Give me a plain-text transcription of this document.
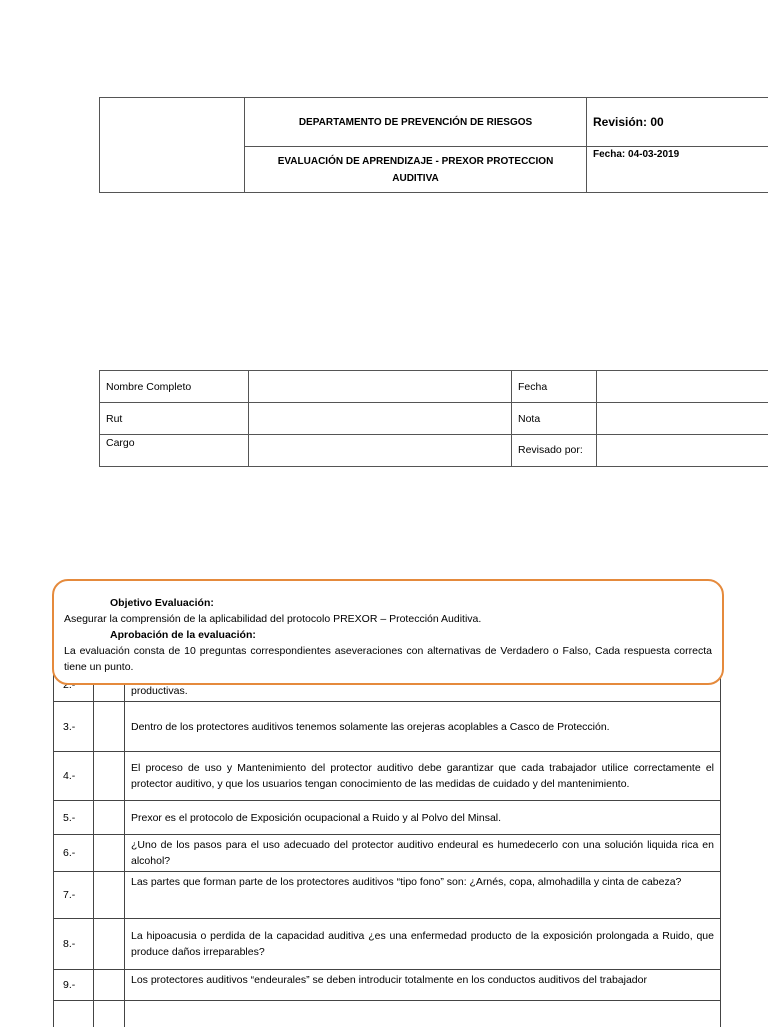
	DEPARTAMENTO DE PREVENCIÓN DE RIESGOS	Revisión: 00
	EVALUACIÓN DE APRENDIZAJE - PREXOR PROTECCION AUDITIVA	Fecha: 04-03-2019
Nombre Completo		Fecha	
Rut		Nota	
Cargo		Revisado por:	
		productivas.
3.-		Dentro de los protectores auditivos tenemos solamente las orejeras acoplables a Casco de Protección.
4.-		El proceso de uso y Mantenimiento del protector auditivo debe garantizar que cada trabajador utilice correctamente el protector auditivo, y que los usuarios tengan conocimiento de las medidas de cuidado y del mantenimiento.
5.-		Prexor es el protocolo de Exposición ocupacional a Ruido y al Polvo del Minsal.
6.-		¿Uno de los pasos para el uso adecuado del protector auditivo endeural es humedecerlo con una solución liquida rica en alcohol?
7.-		Las partes que forman parte de los protectores auditivos “tipo fono” son: ¿Arnés, copa, almohadilla y cinta de cabeza?
8.-		La hipoacusia o perdida de la capacidad auditiva ¿es una enfermedad producto de la exposición prolongada a Ruido, que produce daños irreparables?
9.-		Los protectores auditivos “endeurales” se deben introducir totalmente en los conductos auditivos del trabajador

Objetivo Evaluación:
Asegurar la comprensión de la aplicabilidad del protocolo PREXOR – Protección Auditiva.
Aprobación de la evaluación:
La evaluación consta de 10 preguntas correspondientes aseveraciones con alternativas de Verdadero o Falso, Cada respuesta correcta tiene un punto.
